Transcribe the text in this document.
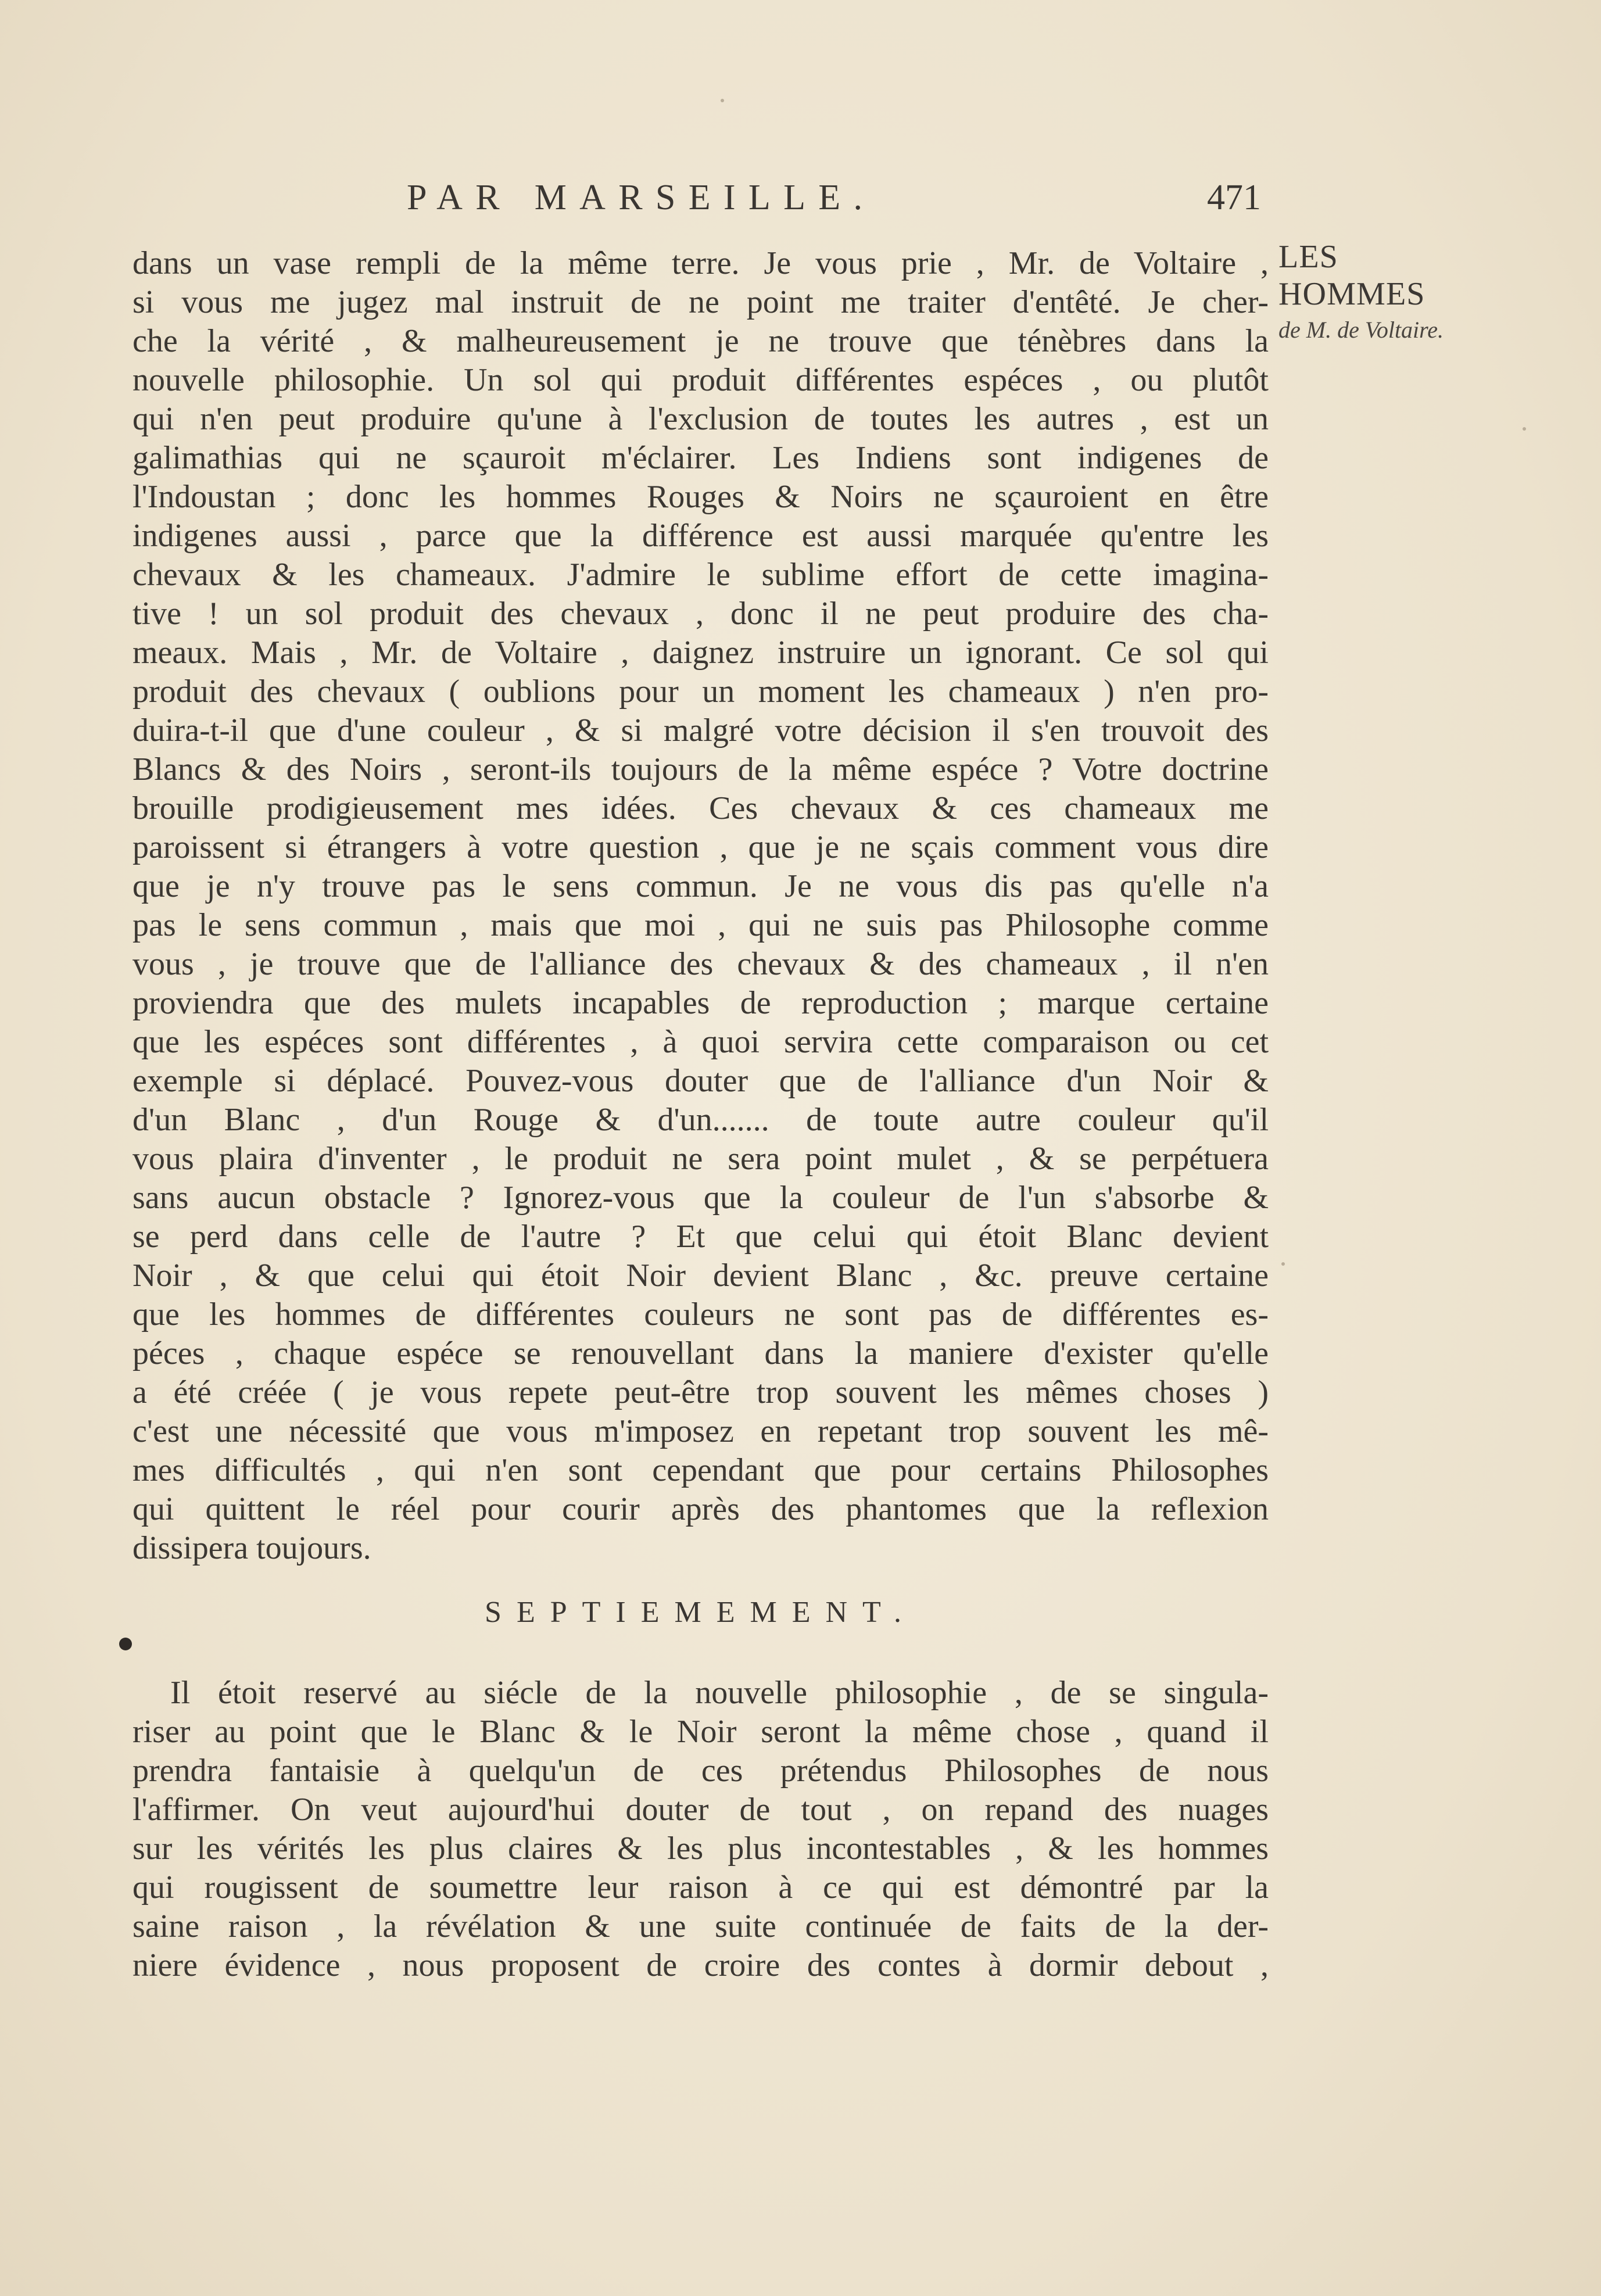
PAR MARSEILLE.	471
LES HOMMES
de M. de Voltaire.
dans un vase rempli de la même terre. Je vous prie , Mr. de Voltaire ,
si vous me jugez mal instruit de ne point me traiter d'entêté. Je cher-
che la vérité , & malheureusement je ne trouve que ténèbres dans la
nouvelle philosophie. Un sol qui produit différentes espéces , ou plutôt
qui n'en peut produire qu'une à l'exclusion de toutes les autres , est un
galimathias qui ne sçauroit m'éclairer. Les Indiens sont indigenes de
l'Indoustan ; donc les hommes Rouges & Noirs ne sçauroient en être
indigenes aussi , parce que la différence est aussi marquée qu'entre les
chevaux & les chameaux. J'admire le sublime effort de cette imagina-
tive ! un sol produit des chevaux , donc il ne peut produire des cha-
meaux. Mais , Mr. de Voltaire , daignez instruire un ignorant. Ce sol qui
produit des chevaux ( oublions pour un moment les chameaux ) n'en pro-
duira-t-il que d'une couleur , & si malgré votre décision il s'en trouvoit des
Blancs & des Noirs , seront-ils toujours de la même espéce ? Votre doctrine
brouille prodigieusement mes idées. Ces chevaux & ces chameaux me
paroissent si étrangers à votre question , que je ne sçais comment vous dire
que je n'y trouve pas le sens commun. Je ne vous dis pas qu'elle n'a
pas le sens commun , mais que moi , qui ne suis pas Philosophe comme
vous , je trouve que de l'alliance des chevaux & des chameaux , il n'en
proviendra que des mulets incapables de reproduction ; marque certaine
que les espéces sont différentes , à quoi servira cette comparaison ou cet
exemple si déplacé. Pouvez-vous douter que de l'alliance d'un Noir &
d'un Blanc , d'un Rouge & d'un....... de toute autre couleur qu'il
vous plaira d'inventer , le produit ne sera point mulet , & se perpétuera
sans aucun obstacle ? Ignorez-vous que la couleur de l'un s'absorbe &
se perd dans celle de l'autre ? Et que celui qui étoit Blanc devient
Noir , & que celui qui étoit Noir devient Blanc , &c. preuve certaine
que les hommes de différentes couleurs ne sont pas de différentes es-
péces , chaque espéce se renouvellant dans la maniere d'exister qu'elle
a été créée ( je vous repete peut-être trop souvent les mêmes choses )
c'est une nécessité que vous m'imposez en repetant trop souvent les mê-
mes difficultés , qui n'en sont cependant que pour certains Philosophes
qui quittent le réel pour courir après des phantomes que la reflexion
dissipera toujours.
SEPTIEMEMENT.
Il étoit reservé au siécle de la nouvelle philosophie , de se singula-
riser au point que le Blanc & le Noir seront la même chose , quand il
prendra fantaisie à quelqu'un de ces prétendus Philosophes de nous
l'affirmer. On veut aujourd'hui douter de tout , on repand des nuages
sur les vérités les plus claires & les plus incontestables , & les hommes
qui rougissent de soumettre leur raison à ce qui est démontré par la
saine raison , la révélation & une suite continuée de faits de la der-
niere évidence , nous proposent de croire des contes à dormir debout ,
